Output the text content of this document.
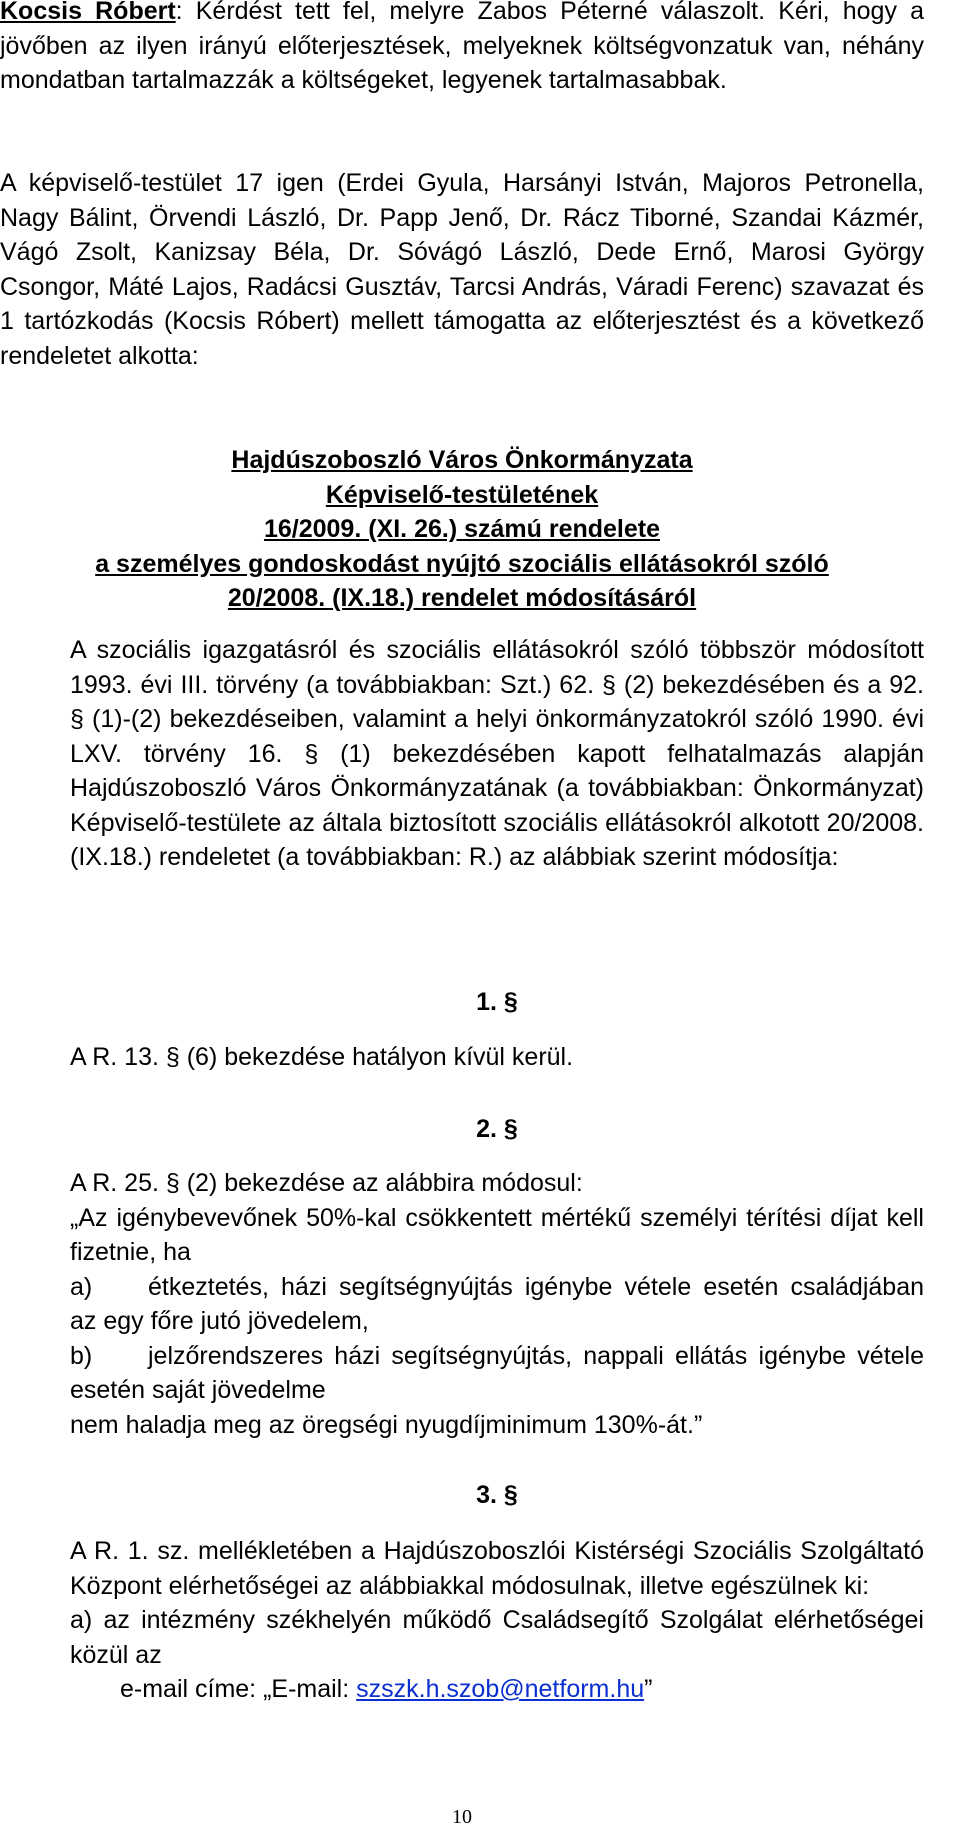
Kocsis Róbert: Kérdést tett fel, melyre Zabos Péterné válaszolt. Kéri, hogy a jövőben az ilyen irányú előterjesztések, melyeknek költségvonzatuk van, néhány mondatban tartalmazzák a költségeket, legyenek tartalmasabbak.
A képviselő-testület 17 igen (Erdei Gyula, Harsányi István, Majoros Petronella, Nagy Bálint, Örvendi László, Dr. Papp Jenő, Dr. Rácz Tiborné, Szandai Kázmér, Vágó Zsolt, Kanizsay Béla, Dr. Sóvágó László, Dede Ernő, Marosi György Csongor, Máté Lajos, Radácsi Gusztáv, Tarcsi András, Váradi Ferenc) szavazat és 1 tartózkodás (Kocsis Róbert) mellett támogatta az előterjesztést és a következő rendeletet alkotta:
Hajdúszoboszló Város Önkormányzata
Képviselő-testületének
16/2009. (XI. 26.) számú rendelete
a személyes gondoskodást nyújtó szociális ellátásokról szóló
20/2008. (IX.18.) rendelet módosításáról
A szociális igazgatásról és szociális ellátásokról szóló többször módosított 1993. évi III. törvény (a továbbiakban: Szt.) 62. § (2) bekezdésében és a 92. § (1)-(2) bekezdéseiben, valamint a helyi önkormányzatokról szóló 1990. évi LXV. törvény 16. § (1) bekezdésében kapott felhatalmazás alapján Hajdúszoboszló Város Önkormányzatának (a továbbiakban: Önkormányzat) Képviselő-testülete az általa biztosított szociális ellátásokról alkotott 20/2008. (IX.18.) rendeletet (a továbbiakban: R.) az alábbiak szerint módosítja:
1. §
A R. 13. § (6) bekezdése hatályon kívül kerül.
2. §
A R. 25. § (2) bekezdése az alábbira módosul:
„Az igénybevevőnek 50%-kal csökkentett mértékű személyi térítési díjat kell fizetnie, ha
a) étkeztetés, házi segítségnyújtás igénybe vétele esetén családjában az egy főre jutó jövedelem,
b) jelzőrendszeres házi segítségnyújtás, nappali ellátás igénybe vétele esetén saját jövedelme
nem haladja meg az öregségi nyugdíjminimum 130%-át.”
3. §
A R. 1. sz. mellékletében a Hajdúszoboszlói Kistérségi Szociális Szolgáltató Központ elérhetőségei az alábbiakkal módosulnak, illetve egészülnek ki:
a) az intézmény székhelyén működő Családsegítő Szolgálat elérhetőségei közül az
e-mail címe: „E-mail: szszk.h.szob@netform.hu”
10
